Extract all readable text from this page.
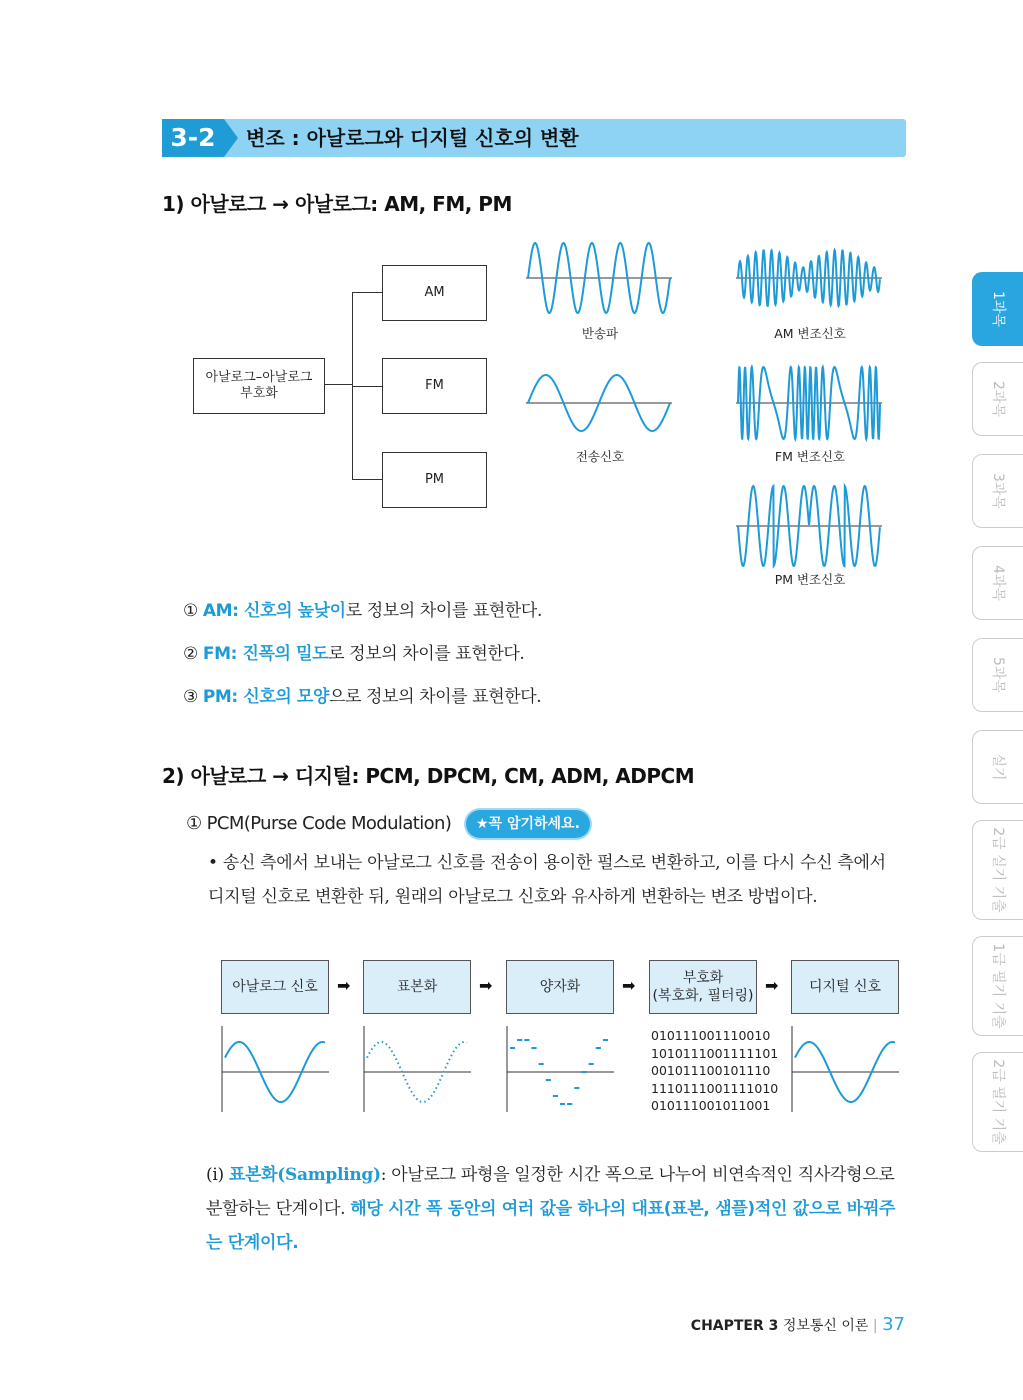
3-2	변조 : 아날로그와 디지털 신호의 변환
1) 아날로그 → 아날로그: AM, FM, PM
아날로그–아날로그
부호화
AM
FM
PM
반송파
전송신호
AM 변조신호
FM 변조신호
PM 변조신호
① AM: 신호의 높낮이로 정보의 차이를 표현한다.
② FM: 진폭의 밀도로 정보의 차이를 표현한다.
③ PM: 신호의 모양으로 정보의 차이를 표현한다.
2) 아날로그 → 디지털: PCM, DPCM, CM, ADM, ADPCM
① PCM(Purse Code Modulation)	★꼭 암기하세요.
• 송신 측에서 보내는 아날로그 신호를 전송이 용이한 펄스로 변환하고, 이를 다시 수신 측에서 디지털 신호로 변환한 뒤, 원래의 아날로그 신호와 유사하게 변환하는 변조 방법이다.
아날로그 신호	➡	표본화	➡	양자화	➡	부호화
(복호화, 필터링)
➡	디지털 신호
010111001110010
1010111001111101
001011100101110
1110111001111010
010111001011001
(i) 표본화(Sampling): 아날로그 파형을 일정한 시간 폭으로 나누어 비연속적인 직사각형으로 분할하는 단계이다. 해당 시간 폭 동안의 여러 값을 하나의 대표(표본, 샘플)적인 값으로 바꿔주는 단계이다.
1과목
2과목
3과목
4과목
5과목
실기
2급 실기 기출
1급 필기 기출
2급 필기 기출
CHAPTER 3 정보통신 이론 | 37
